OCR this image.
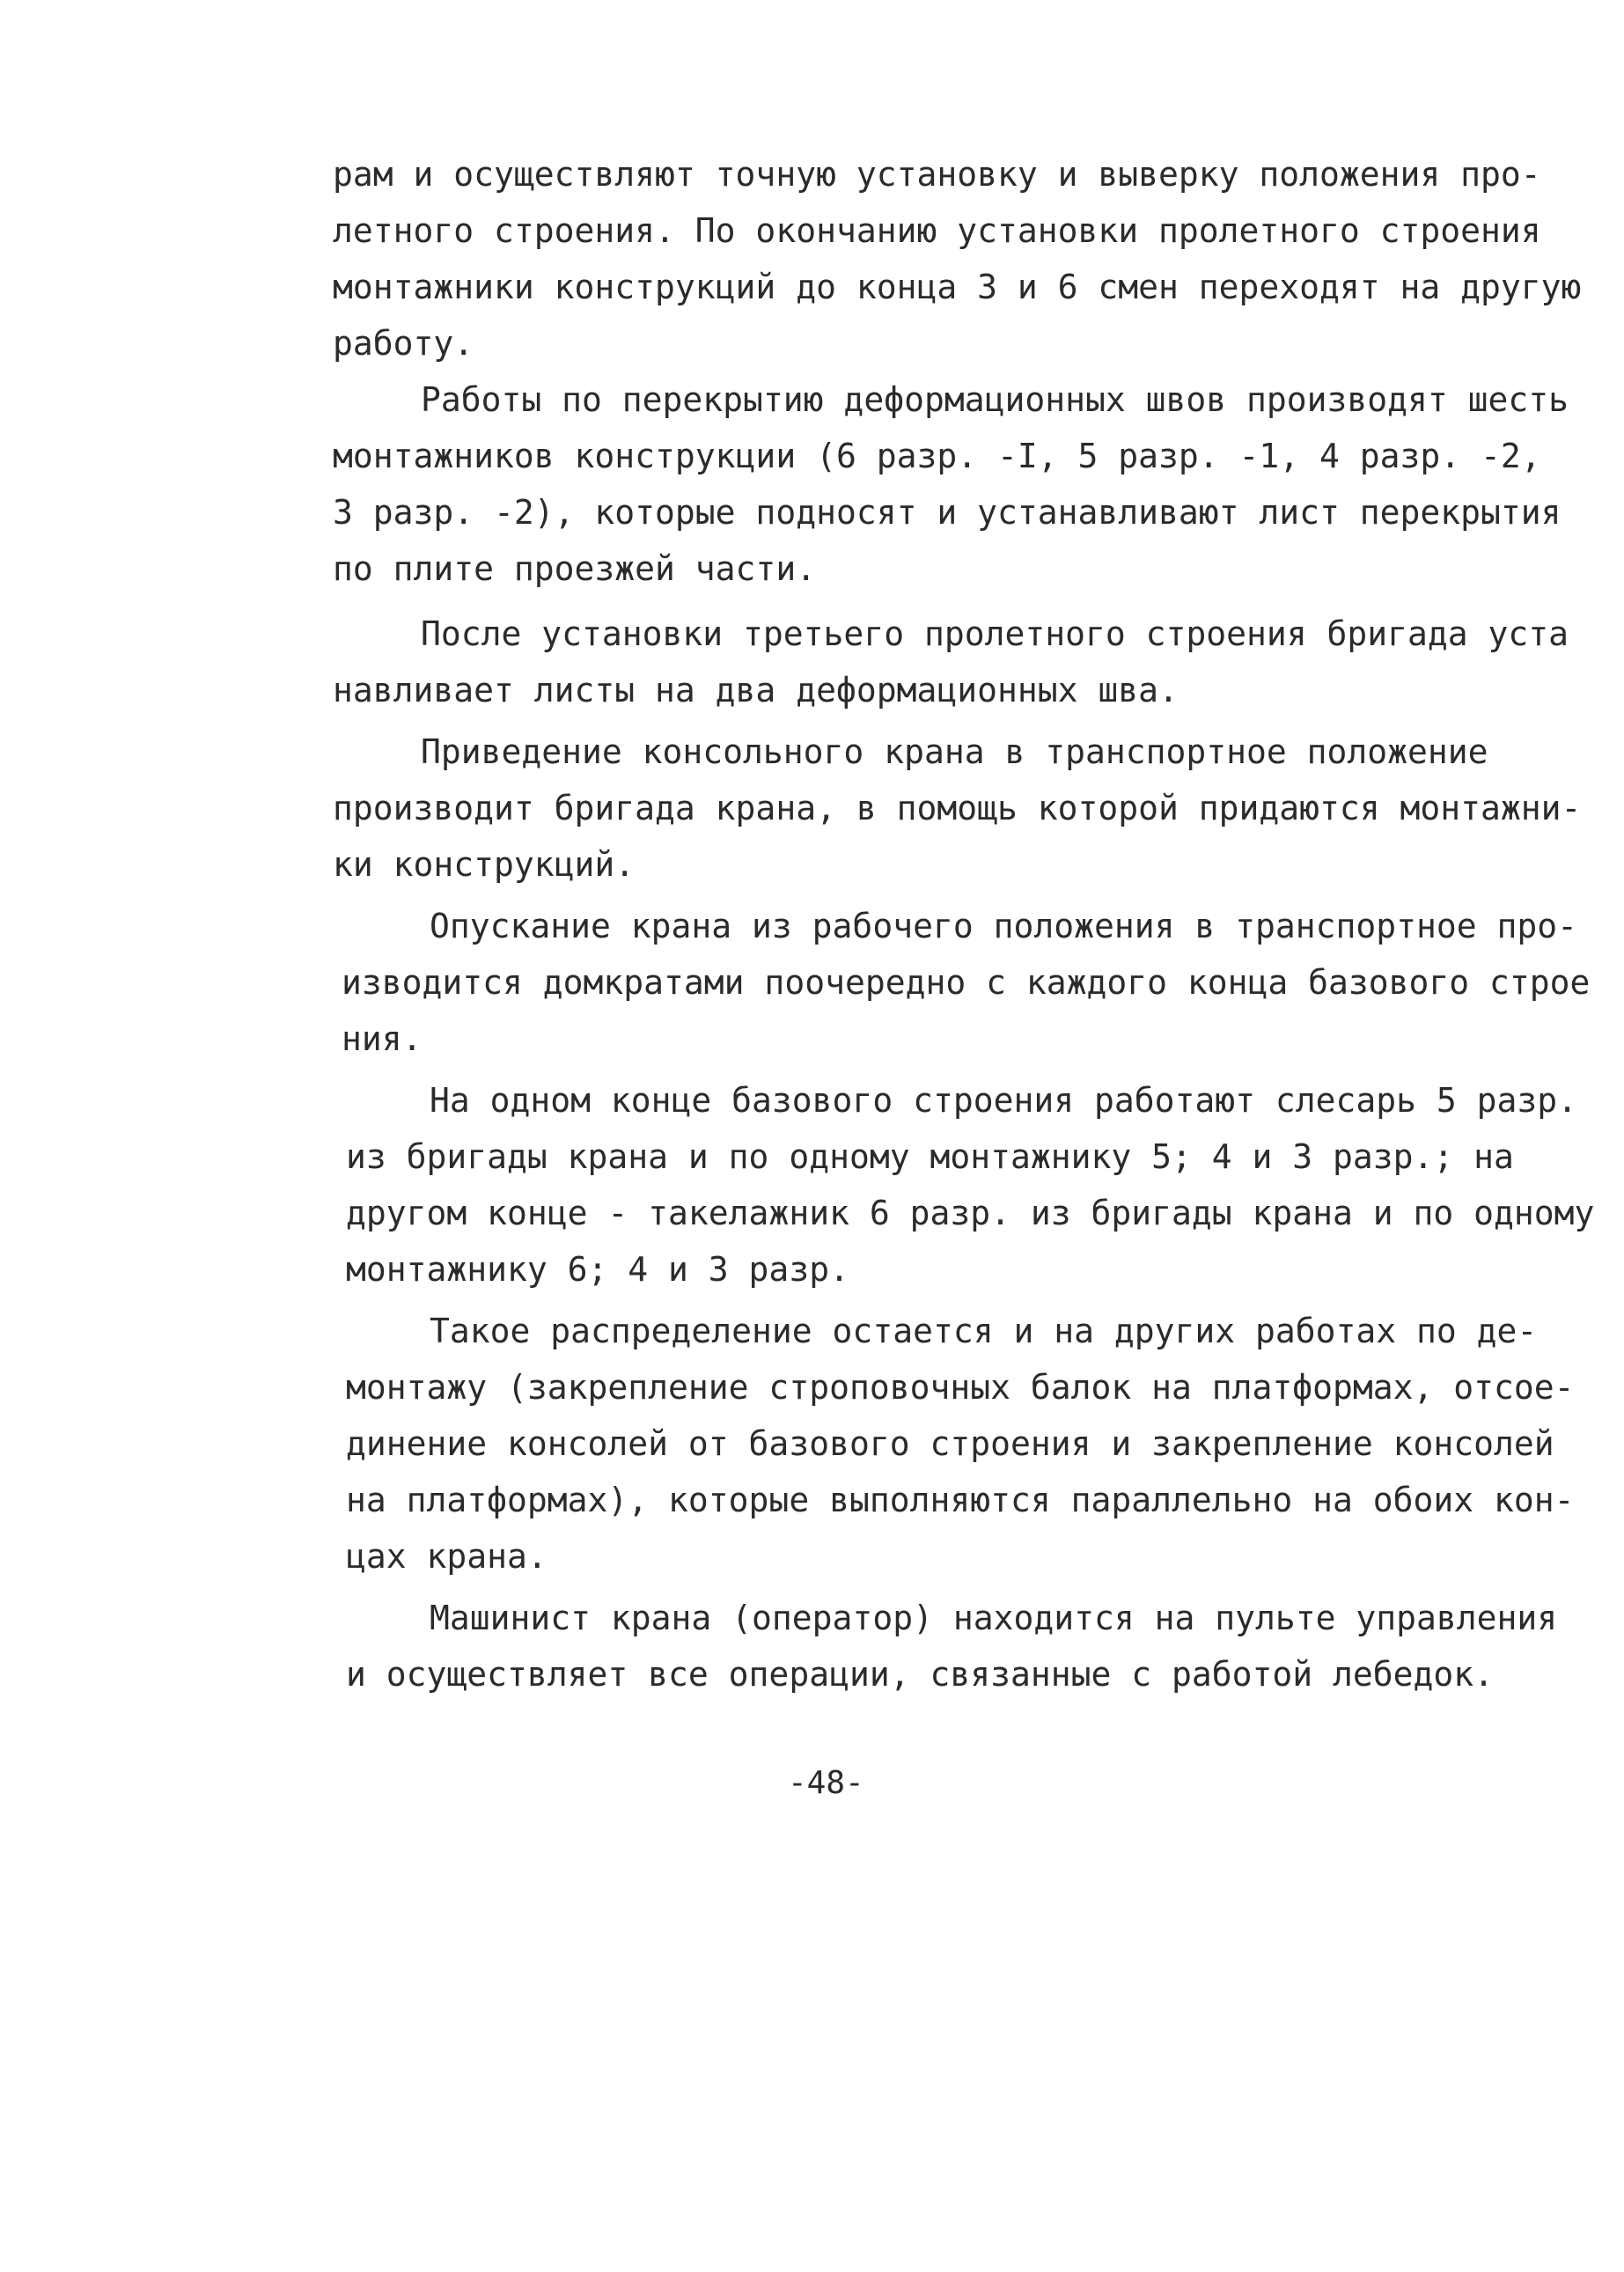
рам и осуществляют точную установку и выверку положения про-
летного строения. По окончанию установки пролетного строения
монтажники конструкций до конца 3 и 6 смен переходят на другую
работу.
Работы по перекрытию деформационных швов производят шесть
монтажников конструкции (6 разр. -I, 5 разр. -1, 4 разр. -2,
3 разр. -2), которые подносят и устанавливают лист перекрытия
по плите проезжей части.
После установки третьего пролетного строения бригада уста
навливает листы на два деформационных шва.
Приведение консольного крана в транспортное положение
производит бригада крана, в помощь которой придаются монтажни-
ки конструкций.
Опускание крана из рабочего положения в транспортное про-
изводится домкратами поочередно с каждого конца базового строе
ния.
На одном конце базового строения работают слесарь 5 разр.
из бригады крана и по одному монтажнику 5; 4 и 3 разр.; на
другом конце - такелажник 6 разр. из бригады крана и по одному
монтажнику 6; 4 и 3 разр.
Такое распределение остается и на других работах по де-
монтажу (закрепление строповочных балок на платформах, отсое-
динение консолей от базового строения и закрепление консолей
на платформах), которые выполняются параллельно на обоих кон-
цах крана.
Машинист крана (оператор) находится на пульте управления
и осуществляет все операции, связанные с работой лебедок.
-48-
